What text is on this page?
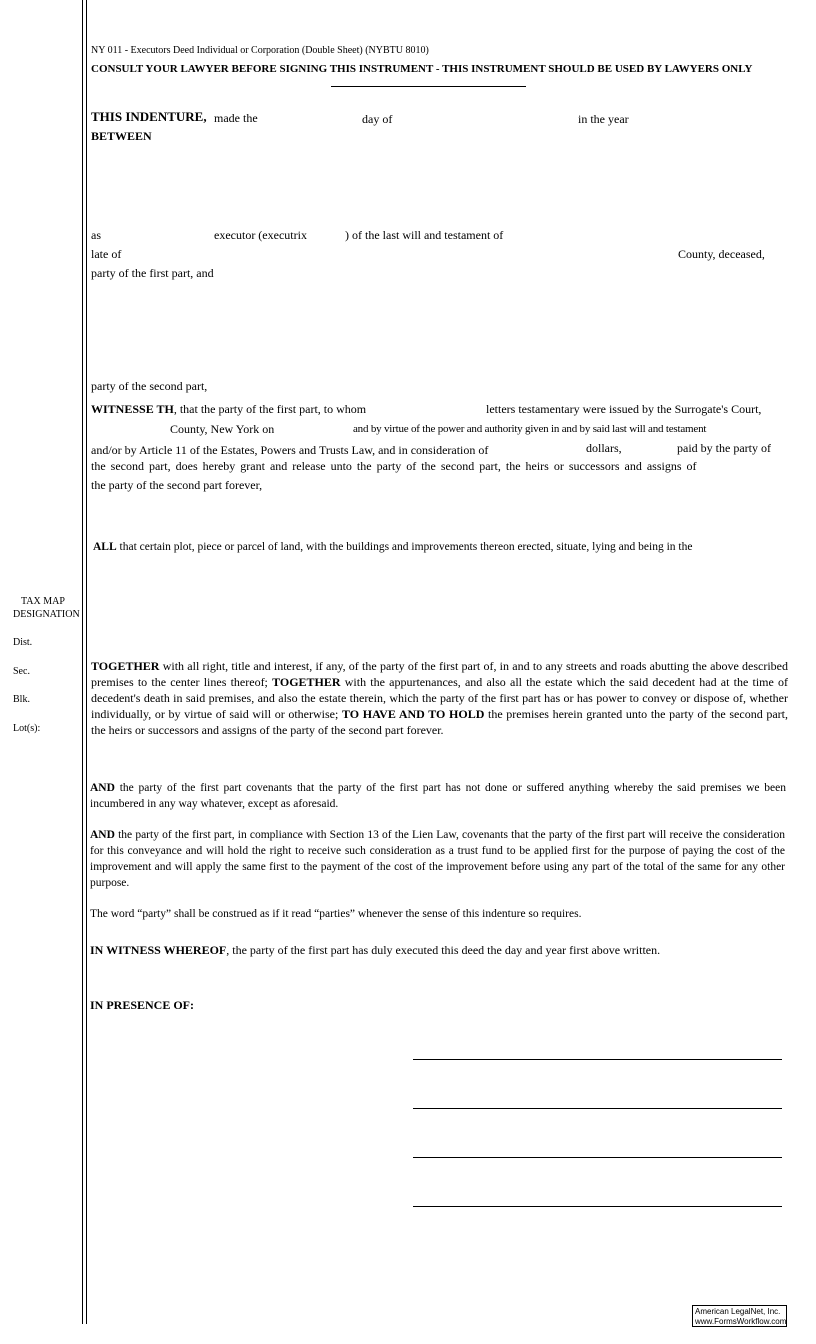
NY 011 - Executors Deed Individual or Corporation (Double Sheet) (NYBTU 8010)
CONSULT YOUR LAWYER BEFORE SIGNING THIS INSTRUMENT - THIS INSTRUMENT SHOULD BE USED BY LAWYERS ONLY
THIS INDENTURE, made the	day of	in the year
BETWEEN
as	executor (executrix	) of the last will and testament of
late of	County, deceased,
party of the first part, and
party of the second part,
WITNESSE TH, that the party of the first part, to whom	letters testamentary were issued by the Surrogate's Court,
County, New York on	and by virtue of the power and authority given in and by said last will and testament
and/or by Article 11 of the Estates, Powers and Trusts Law, and in consideration of	dollars,	paid by the party of
the second part, does hereby grant and release unto the party of the second part, the heirs or successors and assigns of
the party of the second part forever,
ALL that certain plot, piece or parcel of land, with the buildings and improvements thereon erected, situate, lying and being in the
TAX MAP
DESIGNATION
Dist.
Sec.
Blk.
Lot(s):
TOGETHER with all right, title and interest, if any, of the party of the first part of, in and to any streets and roads abutting the above described premises to the center lines thereof; TOGETHER with the appurtenances, and also all the estate which the said decedent had at the time of decedent's death in said premises, and also the estate therein, which the party of the first part has or has power to convey or dispose of, whether individually, or by virtue of said will or otherwise; TO HAVE AND TO HOLD the premises herein granted unto the party of the second part, the heirs or successors and assigns of the party of the second part forever.
AND the party of the first part covenants that the party of the first part has not done or suffered anything whereby the said premises we been incumbered in any way whatever, except as aforesaid.
AND the party of the first part, in compliance with Section 13 of the Lien Law, covenants that the party of the first part will receive the consideration for this conveyance and will hold the right to receive such consideration as a trust fund to be applied first for the purpose of paying the cost of the improvement and will apply the same first to the payment of the cost of the improvement before using any part of the total of the same for any other purpose.
The word “party” shall be construed as if it read “parties” whenever the sense of this indenture so requires.
IN WITNESS WHEREOF, the party of the first part has duly executed this deed the day and year first above written.
IN PRESENCE OF:
American LegalNet, Inc.
www.FormsWorkflow.com
